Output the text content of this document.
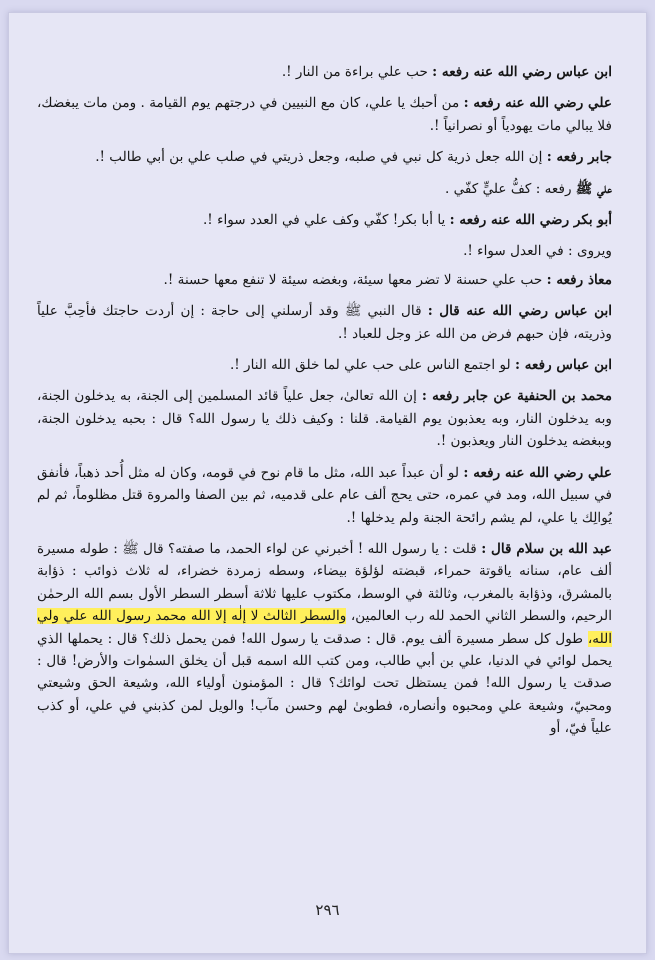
ابن عباس رضي الله عنه رفعه : حب علي براءة من النار !.

علي رضي الله عنه رفعه : من أحبك يا علي، كان مع النبيين في درجتهم يوم القيامة . ومن مات يبغضك، فلا يبالي مات يهودياً أو نصرانياً !.

جابر رفعه : إن الله جعل ذرية كل نبي في صلبه، وجعل ذريتي في صلب علي بن أبي طالب !.

علي ﷺ رفعه : كفُّ عليٍّ كفّي .

أبو بكر رضي الله عنه رفعه : يا أبا بكر! كفّي وكف علي في العدد سواء !.

ويروى : في العدل سواء !.

معاذ رفعه : حب علي حسنة لا تضر معها سيئة، وبغضه سيئة لا تنفع معها حسنة !.

ابن عباس رضي الله عنه قال : قال النبي ﷺ وقد أرسلني إلى حاجة : إن أردت حاجتك فأحِبَّ علياً وذريته، فإن حبهم فرض من الله عز وجل للعباد !.

ابن عباس رفعه : لو اجتمع الناس على حب علي لما خلق الله النار !.

محمد بن الحنفية عن جابر رفعه : إن الله تعالىٰ، جعل علياً قائد المسلمين إلى الجنة، به يدخلون الجنة، وبه يدخلون النار، وبه يعذبون يوم القيامة. قلنا : وكيف ذلك يا رسول الله؟ قال : بحبه يدخلون الجنة، وببغضه يدخلون النار ويعذبون !.

علي رضي الله عنه رفعه : لو أن عبداً عبد الله، مثل ما قام نوح في قومه، وكان له مثل أُحد ذهباً، فأنفق في سبيل الله، ومد في عمره، حتى يحج ألف عام على قدميه، ثم بين الصفا والمروة قتل مظلوماً، ثم لم يُوالِك يا علي، لم يشم رائحة الجنة ولم يدخلها !.

عبد الله بن سلام قال : قلت : يا رسول الله ! أخبرني عن لواء الحمد، ما صفته؟ قال ﷺ : طوله مسيرة ألف عام، سنانه ياقوتة حمراء، قبضته لؤلؤة بيضاء، وسطه زمردة خضراء، له ثلاث ذوائب : ذؤابة بالمشرق، وذؤابة بالمغرب، وثالثة في الوسط، مكتوب عليها ثلاثة أسطر السطر الأول بسم الله الرحمٰن الرحيم، والسطر الثاني الحمد لله رب العالمين، والسطر الثالث لا إلٰه إلا الله محمد رسول الله علي ولي الله، طول كل سطر مسيرة ألف يوم. قال : صدقت يا رسول الله! فمن يحمل ذلك؟ قال : يحملها الذي يحمل لوائي في الدنيا، علي بن أبي طالب، ومن كتب الله اسمه قبل أن يخلق السمٰوات والأرض! قال : صدقت يا رسول الله! فمن يستظل تحت لوائك؟ قال : المؤمنون أولياء الله، وشيعة الحق وشيعتي ومحبيّ، وشيعة علي ومحبوه وأنصاره، فطوبىٰ لهم وحسن مآب! والويل لمن كذبني في علي، أو كذب علياً فيّ، أو

٢٩٦
